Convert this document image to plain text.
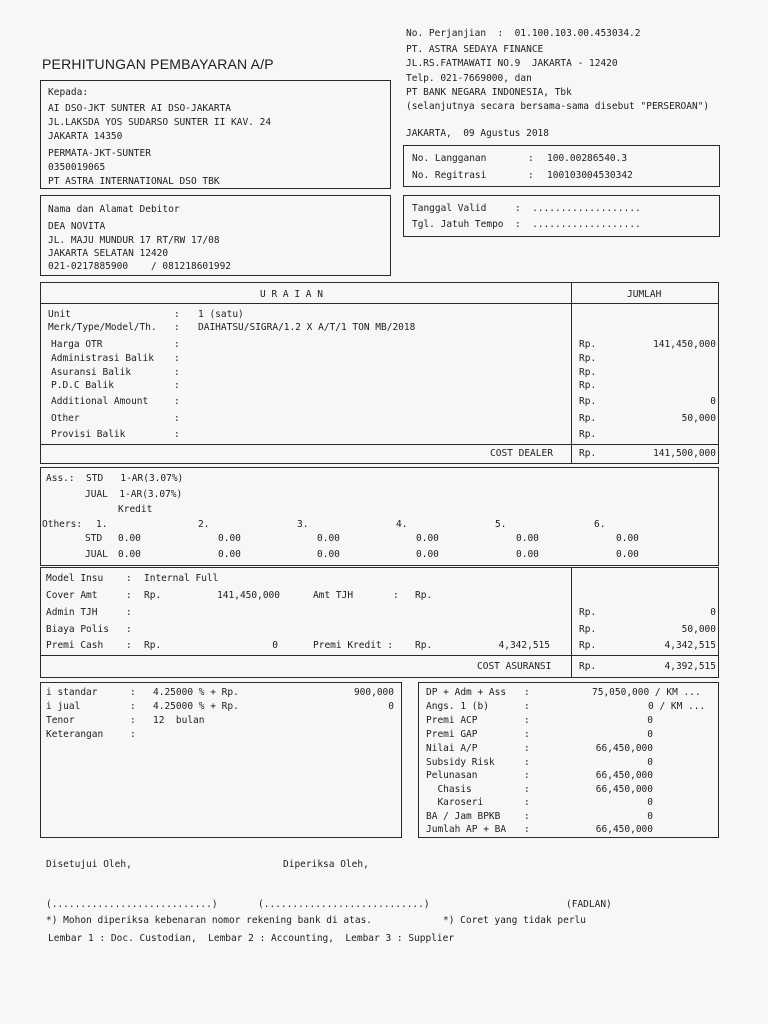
PERHITUNGAN PEMBAYARAN A/P
No. Perjanjian  :  01.100.103.00.453034.2
PT. ASTRA SEDAYA FINANCE
JL.RS.FATMAWATI NO.9  JAKARTA - 12420
Telp. 021-7669000, dan
PT BANK NEGARA INDONESIA, Tbk
(selanjutnya secara bersama-sama disebut "PERSEROAN")
JAKARTA,  09 Agustus 2018
Kepada:
AI DSO-JKT SUNTER AI DSO-JAKARTA
JL.LAKSDA YOS SUDARSO SUNTER II KAV. 24
JAKARTA 14350
PERMATA-JKT-SUNTER
0350019065
PT ASTRA INTERNATIONAL DSO TBK
No. Langganan	: 100.00286540.3
No. Regitrasi	: 100103004530342
Nama dan Alamat Debitor
DEA NOVITA
JL. MAJU MUNDUR 17 RT/RW 17/08
JAKARTA SELATAN 12420
021-0217885900    / 081218601992
Tanggal Valid     :  ...................
Tgl. Jatuh Tempo  :  ...................
U R A I A N	JUMLAH
Unit	: 1 (satu)
Merk/Type/Model/Th. : DAIHATSU/SIGRA/1.2 X A/T/1 TON MB/2018
Harga OTR	:	Rp.	141,450,000
Administrasi Balik :	Rp.
Asuransi Balik	:	Rp.
P.D.C Balik	:	Rp.
Additional Amount	:	Rp.	0
Other	:	Rp.	50,000
Provisi Balik	:	Rp.
COST DEALER	Rp.	141,500,000
Ass.:  STD   1-AR(3.07%)
JUAL  1-AR(3.07%)
Kredit
Others: 1.	2.	3.	4.	5.	6.
STD 0.00	0.00	0.00	0.00	0.00	0.00
JUAL 0.00	0.00	0.00	0.00	0.00	0.00
Model Insu : Internal Full
Cover Amt	: Rp.	141,450,000	Amt TJH	: Rp.
Admin TJH	:	Rp.	0
Biaya Polis :	Rp.	50,000
Premi Cash : Rp.	0	Premi Kredit : Rp.	4,342,515	Rp.	4,342,515
COST ASURANSI	Rp.	4,392,515
i standar	: 4.25000 % + Rp.	900,000
i jual	: 4.25000 % + Rp.	0
Tenor	: 12  bulan
Keterangan	:
DP + Adm + Ass :	75,050,000 / KM ...
Angs. 1 (b)	:	0 / KM ...
Premi ACP	:	0
Premi GAP	:	0
Nilai A/P	:	66,450,000
Subsidy Risk	:	0
Pelunasan	:	66,450,000
Chasis	:	66,450,000
Karoseri	:	0
BA / Jam BPKB :	0
Jumlah AP + BA :	66,450,000
Disetujui Oleh,	Diperiksa Oleh,
(............................)	(............................)	(FADLAN)
*) Mohon diperiksa kebenaran nomor rekening bank di atas.	*) Coret yang tidak perlu
Lembar 1 : Doc. Custodian,  Lembar 2 : Accounting,  Lembar 3 : Supplier
